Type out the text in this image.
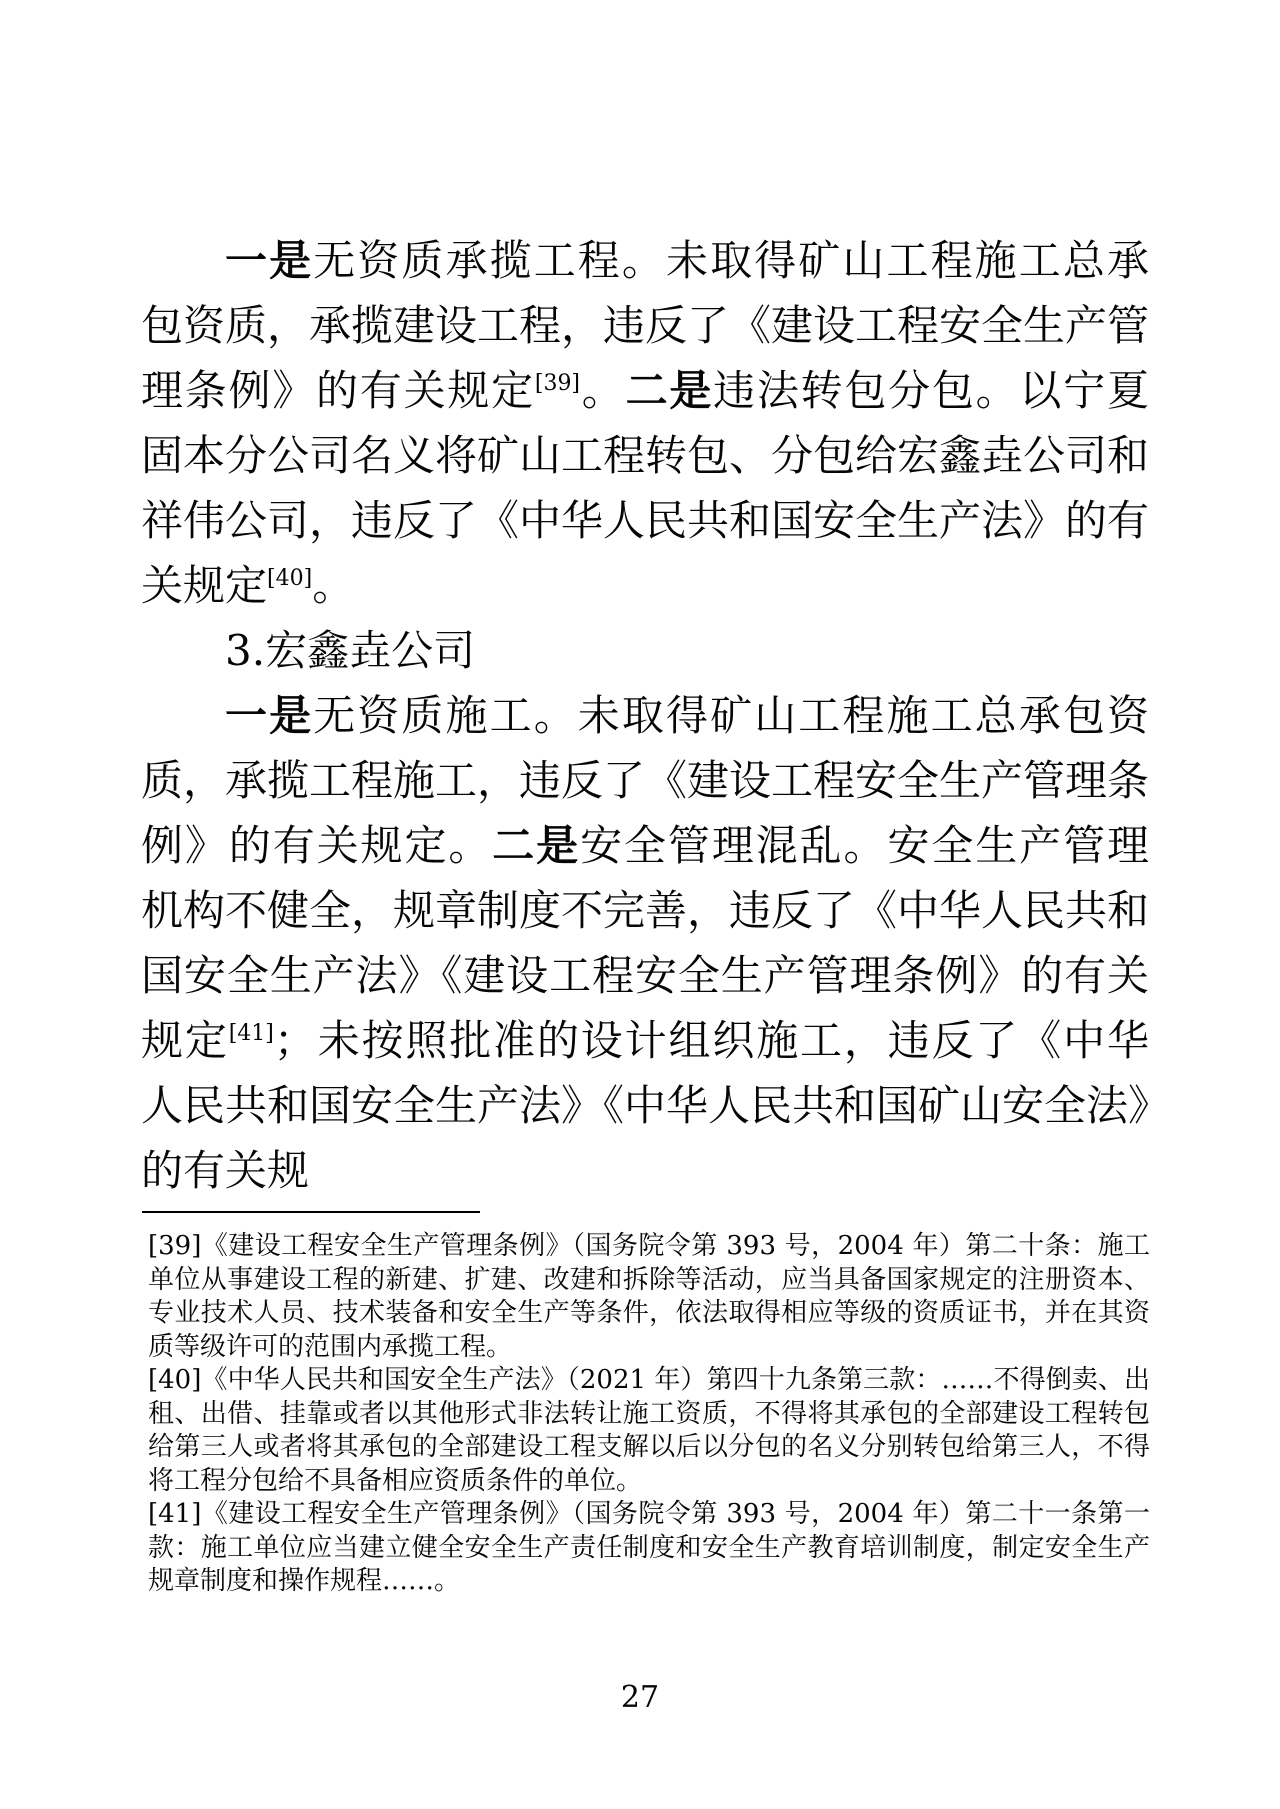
一是无资质承揽工程。未取得矿山工程施工总承包资质，承揽建设工程，违反了《建设工程安全生产管理条例》的有关规定[39]。二是违法转包分包。以宁夏固本分公司名义将矿山工程转包、分包给宏鑫垚公司和祥伟公司，违反了《中华人民共和国安全生产法》的有关规定[40]。

3.宏鑫垚公司

一是无资质施工。未取得矿山工程施工总承包资质，承揽工程施工，违反了《建设工程安全生产管理条例》的有关规定。二是安全管理混乱。安全生产管理机构不健全，规章制度不完善，违反了《中华人民共和国安全生产法》《建设工程安全生产管理条例》的有关规定[41]；未按照批准的设计组织施工，违反了《中华人民共和国安全生产法》《中华人民共和国矿山安全法》的有关规

[39]《建设工程安全生产管理条例》（国务院令第 393 号，2004 年）第二十条：施工单位从事建设工程的新建、扩建、改建和拆除等活动，应当具备国家规定的注册资本、专业技术人员、技术装备和安全生产等条件，依法取得相应等级的资质证书，并在其资质等级许可的范围内承揽工程。

[40]《中华人民共和国安全生产法》（2021 年）第四十九条第三款：……不得倒卖、出租、出借、挂靠或者以其他形式非法转让施工资质，不得将其承包的全部建设工程转包给第三人或者将其承包的全部建设工程支解以后以分包的名义分别转包给第三人，不得将工程分包给不具备相应资质条件的单位。

[41]《建设工程安全生产管理条例》（国务院令第 393 号，2004 年）第二十一条第一款：施工单位应当建立健全安全生产责任制度和安全生产教育培训制度，制定安全生产规章制度和操作规程……。

27
